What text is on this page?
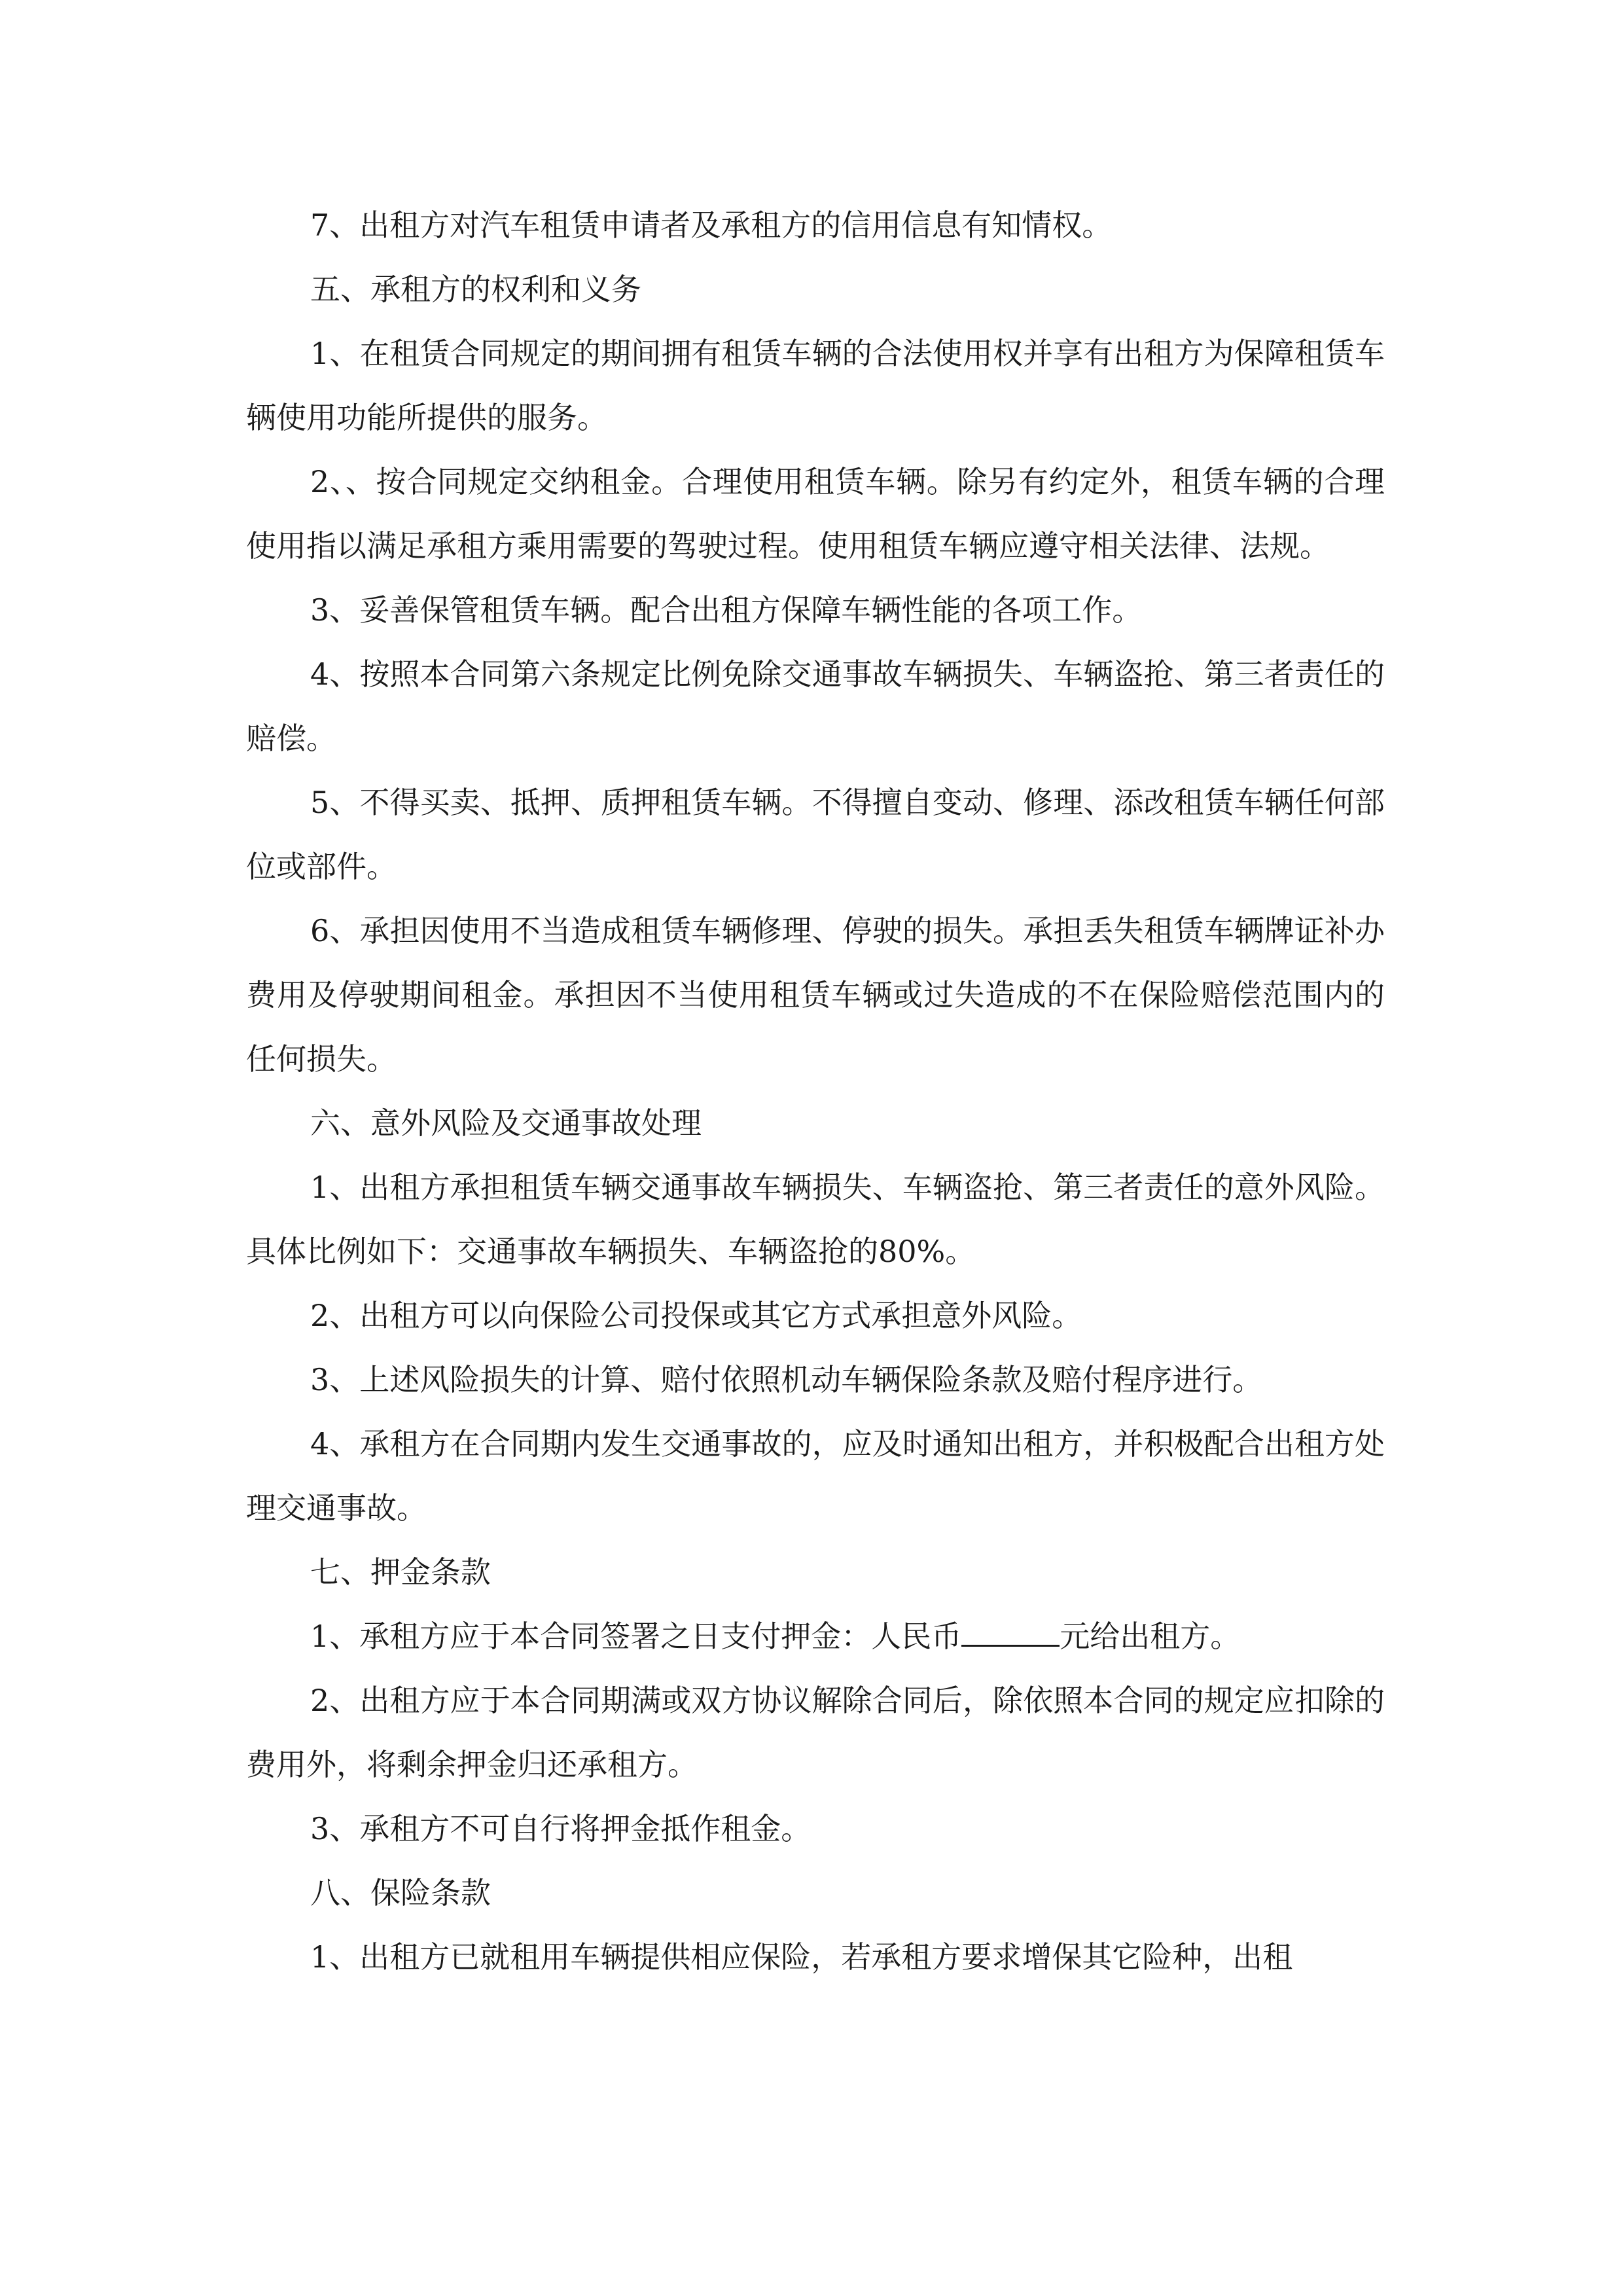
7、出租方对汽车租赁申请者及承租方的信用信息有知情权。

五、承租方的权利和义务

1、在租赁合同规定的期间拥有租赁车辆的合法使用权并享有出租方为保障租赁车辆使用功能所提供的服务。

2、、按合同规定交纳租金。合理使用租赁车辆。除另有约定外，租赁车辆的合理使用指以满足承租方乘用需要的驾驶过程。使用租赁车辆应遵守相关法律、法规。

3、妥善保管租赁车辆。配合出租方保障车辆性能的各项工作。

4、按照本合同第六条规定比例免除交通事故车辆损失、车辆盗抢、第三者责任的赔偿。

5、不得买卖、抵押、质押租赁车辆。不得擅自变动、修理、添改租赁车辆任何部位或部件。

6、承担因使用不当造成租赁车辆修理、停驶的损失。承担丢失租赁车辆牌证补办费用及停驶期间租金。承担因不当使用租赁车辆或过失造成的不在保险赔偿范围内的任何损失。

六、意外风险及交通事故处理

1、出租方承担租赁车辆交通事故车辆损失、车辆盗抢、第三者责任的意外风险。具体比例如下：交通事故车辆损失、车辆盗抢的80%。

2、出租方可以向保险公司投保或其它方式承担意外风险。

3、上述风险损失的计算、赔付依照机动车辆保险条款及赔付程序进行。

4、承租方在合同期内发生交通事故的，应及时通知出租方，并积极配合出租方处理交通事故。

七、押金条款

1、承租方应于本合同签署之日支付押金：人民币	元给出租方。

2、出租方应于本合同期满或双方协议解除合同后，除依照本合同的规定应扣除的费用外，将剩余押金归还承租方。

3、承租方不可自行将押金抵作租金。

八、保险条款

1、出租方已就租用车辆提供相应保险，若承租方要求增保其它险种，出租
